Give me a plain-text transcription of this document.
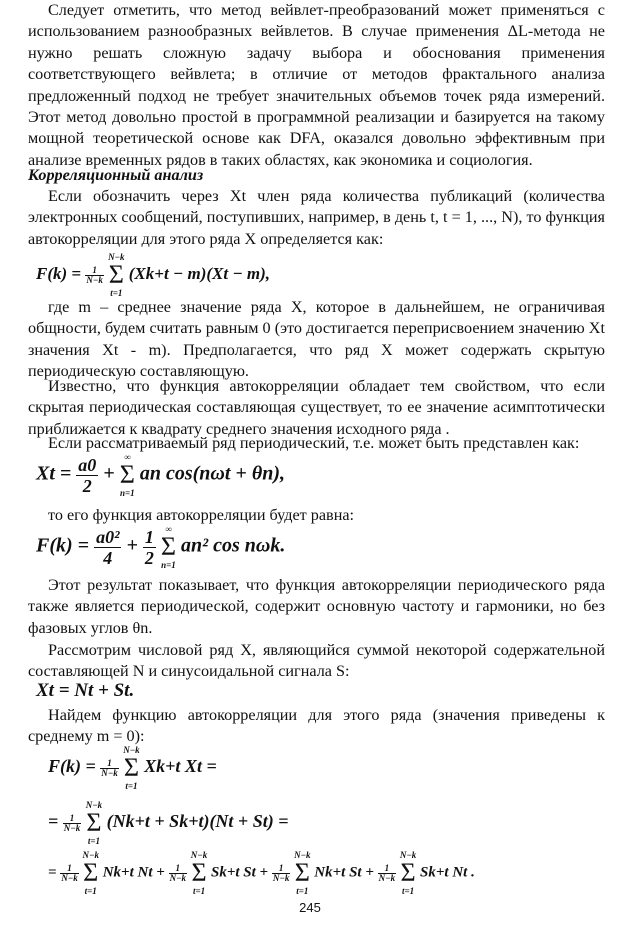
Следует отметить, что метод вейвлет-преобразований может применяться с использованием разнообразных вейвлетов. В случае применения ΔL-метода не нужно решать сложную задачу выбора и обоснования применения соответствующего вейвлета; в отличие от методов фрактального анализа предложенный подход не требует значительных объемов точек ряда измерений. Этот метод довольно простой в программной реализации и базируется на такому мощной теоретической основе как DFA, оказался довольно эффективным при анализе временных рядов в таких областях, как экономика и социология.

Корреляционный анализ

Если обозначить через Xt член ряда количества публикаций (количества электронных сообщений, поступивших, например, в день t, t = 1, ..., N), то функция автокорреляции для этого ряда X определяется как:

$F(k) = \frac{1}{N-k}$

N−k
Σ
t=1
(Xk+t − m)(Xt − m),

где m – среднее значение ряда X, которое в дальнейшем, не ограничивая общности, будем считать равным 0 (это достигается переприсвоением значению Xt значения Xt - m). Предполагается, что ряд X может содержать скрытую периодическую составляющую.

Известно, что функция автокорреляции обладает тем свойством, что если скрытая периодическая составляющая существует, то ее значение асимптотически приближается к квадрату среднего значения исходного ряда .

Если рассматриваемый ряд периодический, т.е. может быть представлен как:

$Xt = \frac{a0}{2}$ +
∞
Σ
n=1
an cos(nωt + θn),

то его функция автокорреляции будет равна:

$F(k) = \frac{\text{a0²}}{4} + \frac{1}{2}$
	∞
Σ
n=1
an² cos nωk.

Этот результат показывает, что функция автокорреляции периодического ряда также является периодической, содержит основную частоту и гармоники, но без фазовых углов θn.

Рассмотрим числовой ряд X, являющийся суммой некоторой содержательной составляющей N и синусоидальной сигнала S:

Xt = Nt + St.

Найдем функцию автокорреляции для этого ряда (значения приведены к среднему m = 0):

$F(k) = \frac{1}{N-k}$

N−k
Σ
t=1
Xk+t Xt =
= $\frac{1}{N-k}$

N−k
Σ
t=1
(Nk+t + Sk+t)(Nt + St) =
= $\frac{1}{N-k}$

N−k
Σ
t=1
Nk+t $Nt + \frac{1}{N-k}$

N−k
Σ
t=1
Sk+t $St + \frac{1}{N-k}$

N−k
Σ
t=1
Nk+t $St + \frac{1}{N-k}$

N−k
Σ
t=1
Sk+t Nt .
245
